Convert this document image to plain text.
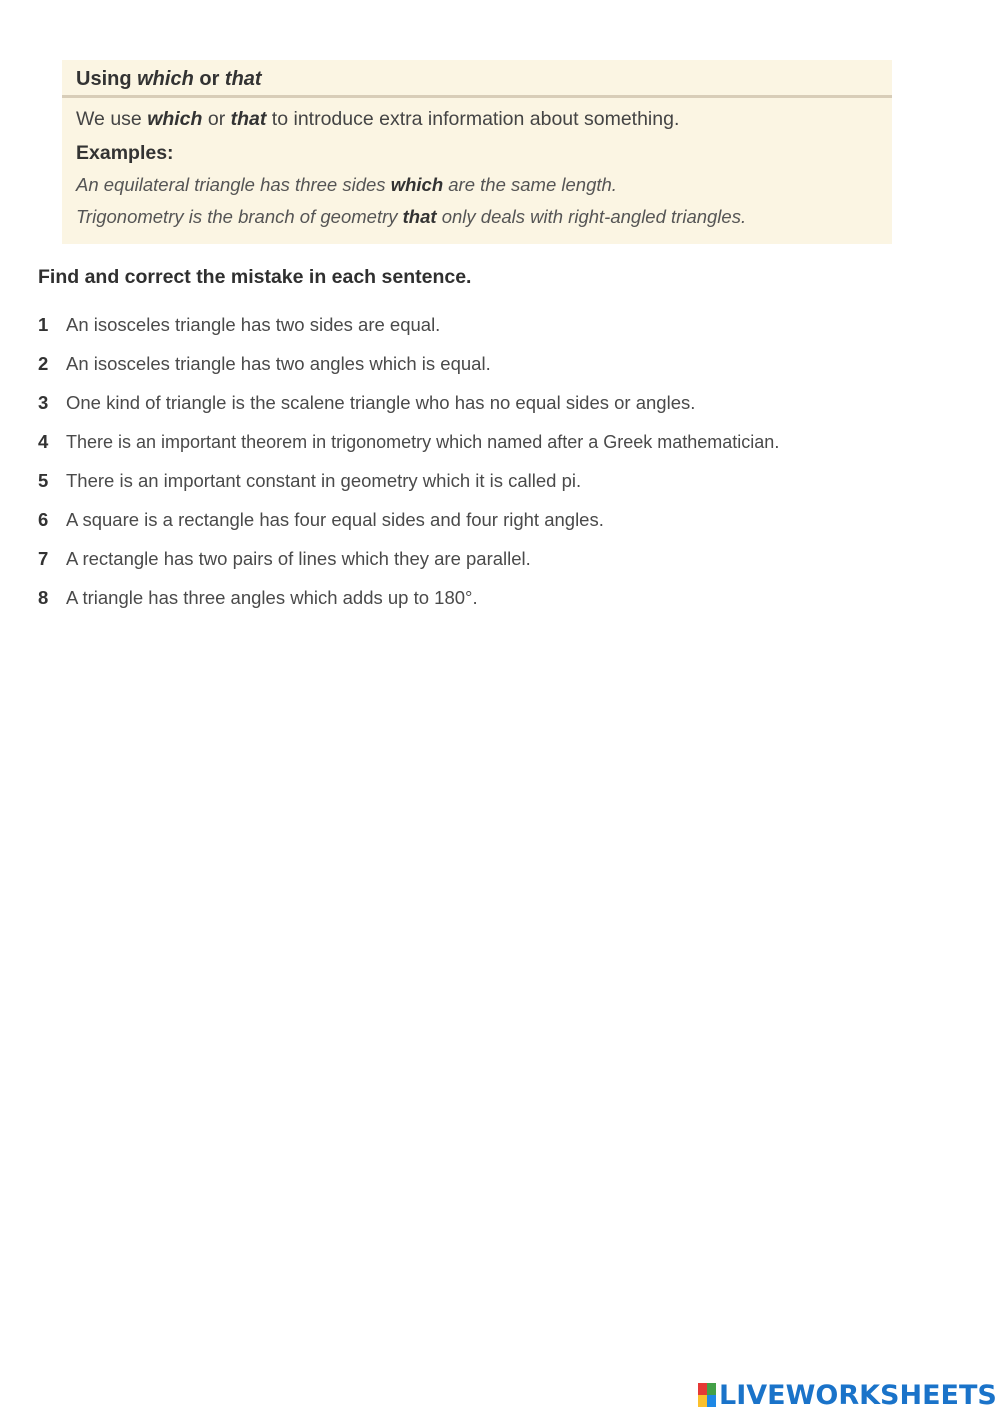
Using which or that
We use which or that to introduce extra information about something.
Examples:
An equilateral triangle has three sides which are the same length.
Trigonometry is the branch of geometry that only deals with right-angled triangles.
Find and correct the mistake in each sentence.
1 An isosceles triangle has two sides are equal.
2 An isosceles triangle has two angles which is equal.
3 One kind of triangle is the scalene triangle who has no equal sides or angles.
4 There is an important theorem in trigonometry which named after a Greek mathematician.
5 There is an important constant in geometry which it is called pi.
6 A square is a rectangle has four equal sides and four right angles.
7 A rectangle has two pairs of lines which they are parallel.
8 A triangle has three angles which adds up to 180°.
LIVEWORKSHEETS
